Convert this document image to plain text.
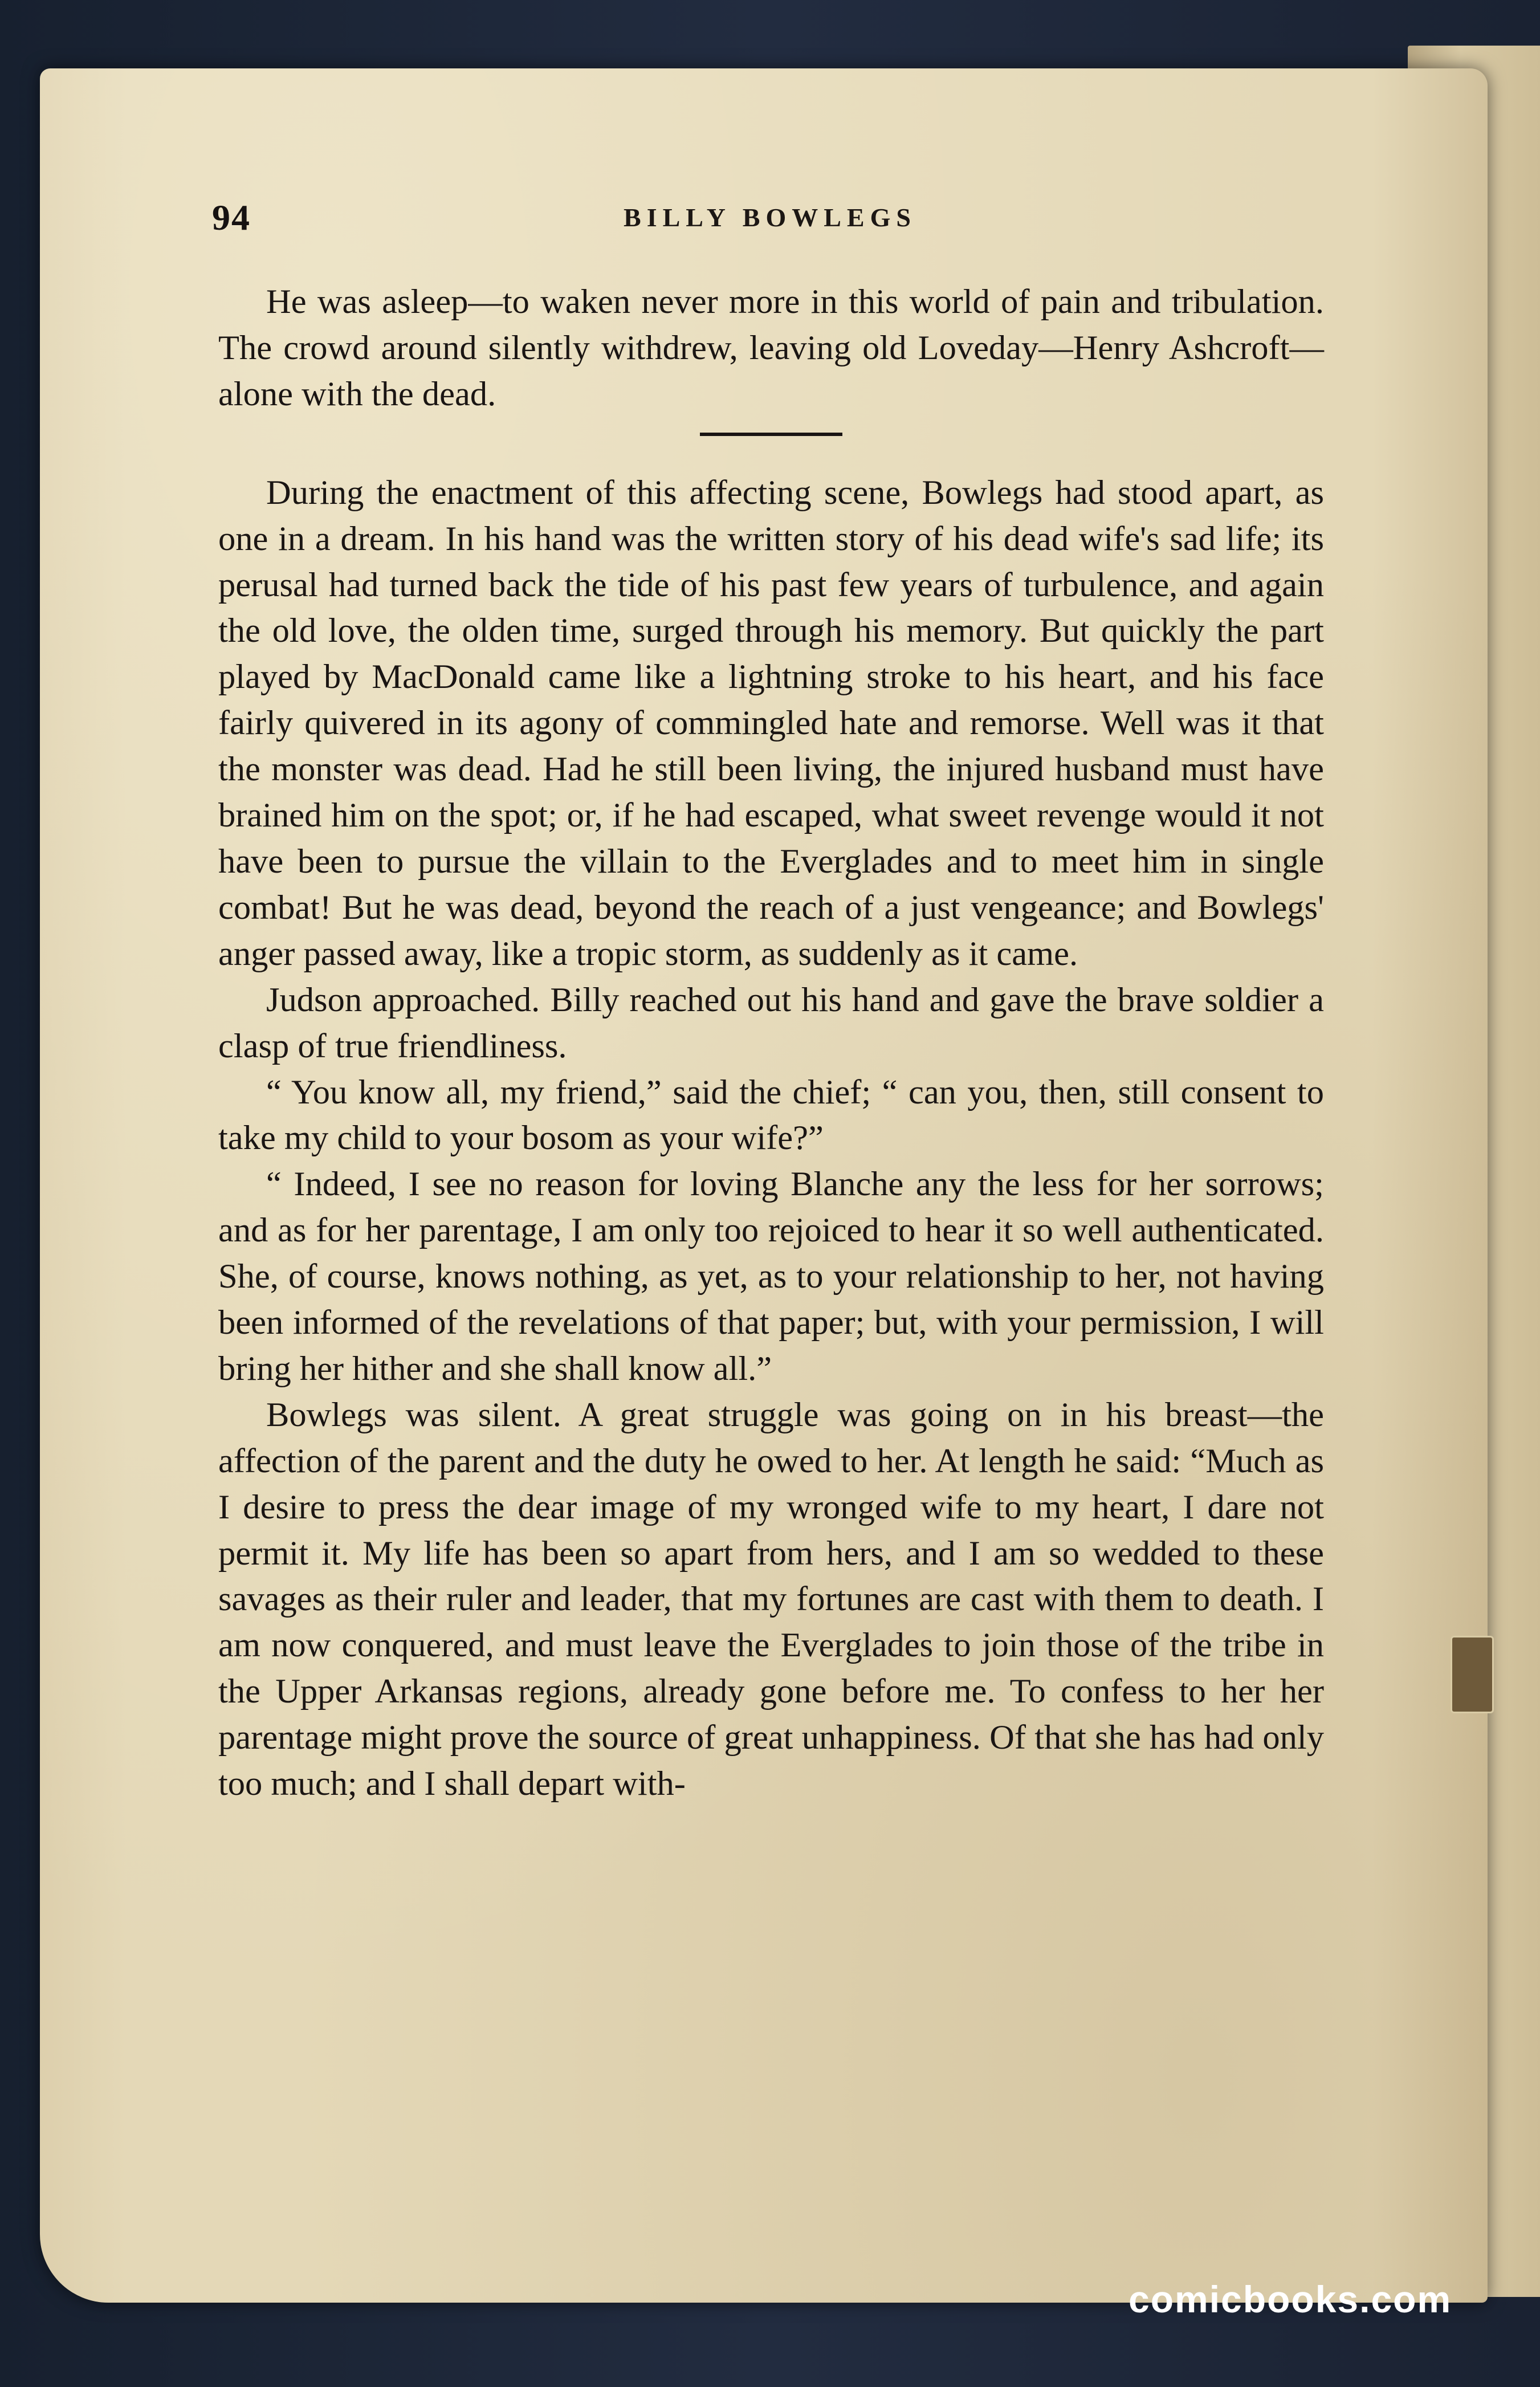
94	BILLY BOWLEGS

He was asleep—to waken never more in this world of pain and tribulation. The crowd around silently withdrew, leaving old Loveday—Henry Ashcroft—alone with the dead.

During the enactment of this affecting scene, Bowlegs had stood apart, as one in a dream. In his hand was the written story of his dead wife's sad life; its perusal had turned back the tide of his past few years of turbulence, and again the old love, the olden time, surged through his memory. But quickly the part played by MacDonald came like a lightning stroke to his heart, and his face fairly quivered in its agony of commingled hate and remorse. Well was it that the monster was dead. Had he still been living, the injured husband must have brained him on the spot; or, if he had escaped, what sweet revenge would it not have been to pursue the villain to the Everglades and to meet him in single combat! But he was dead, beyond the reach of a just vengeance; and Bowlegs' anger passed away, like a tropic storm, as suddenly as it came.

Judson approached. Billy reached out his hand and gave the brave soldier a clasp of true friendliness.

“ You know all, my friend,” said the chief; “ can you, then, still consent to take my child to your bosom as your wife?”

“ Indeed, I see no reason for loving Blanche any the less for her sorrows; and as for her parentage, I am only too rejoiced to hear it so well authenticated. She, of course, knows nothing, as yet, as to your relationship to her, not having been informed of the revelations of that paper; but, with your permission, I will bring her hither and she shall know all.”

Bowlegs was silent. A great struggle was going on in his breast—the affection of the parent and the duty he owed to her. At length he said: “Much as I desire to press the dear image of my wronged wife to my heart, I dare not permit it. My life has been so apart from hers, and I am so wedded to these savages as their ruler and leader, that my fortunes are cast with them to death. I am now conquered, and must leave the Everglades to join those of the tribe in the Upper Arkansas regions, already gone before me. To confess to her her parentage might prove the source of great unhappiness. Of that she has had only too much; and I shall depart with-

comicbooks.com
